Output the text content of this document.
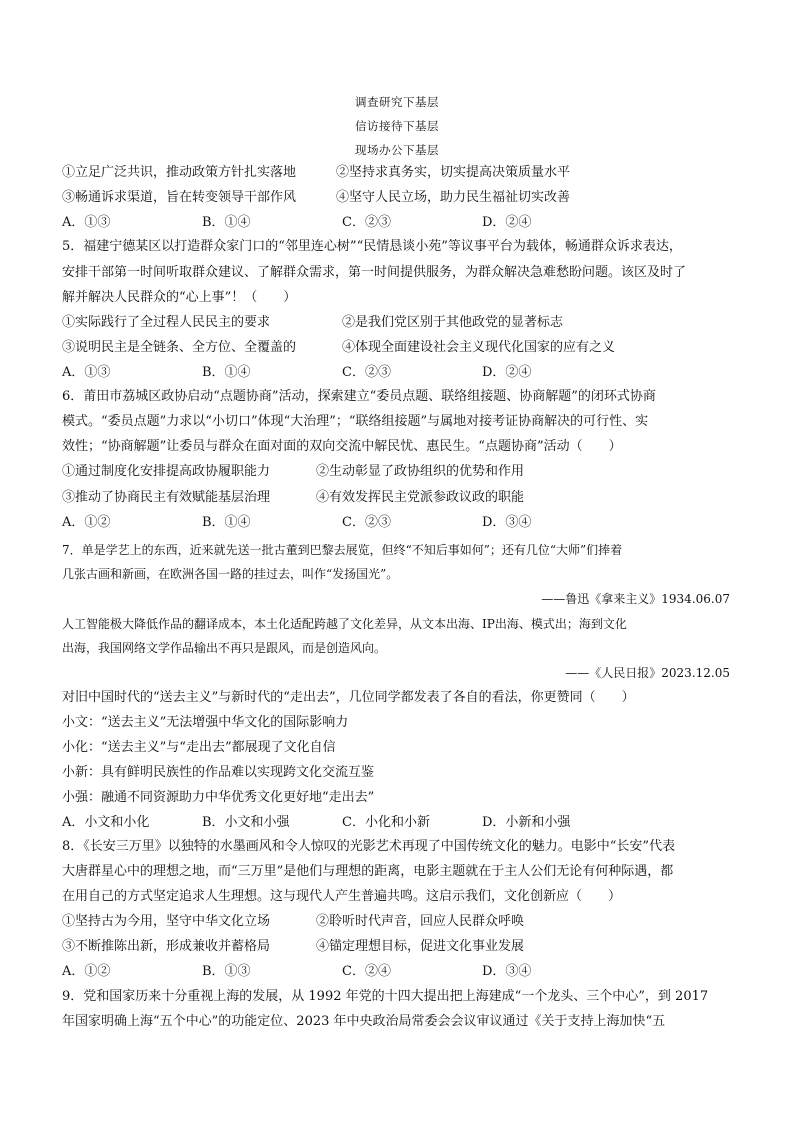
调查研究下基层
信访接待下基层
现场办公下基层
①立足广泛共识，推动政策方针扎实落地	②坚持求真务实，切实提高决策质量水平
③畅通诉求渠道，旨在转变领导干部作风	④坚守人民立场，助力民生福祉切实改善
A．①③	B．①④	C．②③	D．②④
5．福建宁德某区以打造群众家门口的“邻里连心树”“民情恳谈小苑”等议事平台为载体，畅通群众诉求表达，
安排干部第一时间听取群众建议、了解群众需求，第一时间提供服务，为群众解决急难愁盼问题。该区及时了
解并解决人民群众的“心上事”！（　　）
①实际践行了全过程人民民主的要求	②是我们党区别于其他政党的显著标志
③说明民主是全链条、全方位、全覆盖的	④体现全面建设社会主义现代化国家的应有之义
A．①③	B．①④	C．②③	D．②④
6．莆田市荔城区政协启动“点题协商”活动，探索建立“委员点题、联络组接题、协商解题”的闭环式协商
模式。“委员点题”力求以“小切口”体现“大治理”；“联络组接题”与属地对接考证协商解决的可行性、实
效性；“协商解题”让委员与群众在面对面的双向交流中解民忧、惠民生。“点题协商”活动（　　）
①通过制度化安排提高政协履职能力	②生动彰显了政协组织的优势和作用
③推动了协商民主有效赋能基层治理	④有效发挥民主党派参政议政的职能
A．①②	B．①④	C．②③	D．③④
7．单是学艺上的东西，近来就先送一批古董到巴黎去展览，但终“不知后事如何”；还有几位“大师”们捧着
几张古画和新画，在欧洲各国一路的挂过去，叫作“发扬国光”。
——鲁迅《拿来主义》1934.06.07
人工智能极大降低作品的翻译成本，本土化适配跨越了文化差异，从文本出海、IP出海、模式出；海到文化
出海，我国网络文学作品输出不再只是跟风，而是创造风向。
——《人民日报》2023.12.05
对旧中国时代的“送去主义”与新时代的“走出去”，几位同学都发表了各自的看法，你更赞同（　　）
小文：“送去主义”无法增强中华文化的国际影响力
小化：“送去主义”与“走出去”都展现了文化自信
小新：具有鲜明民族性的作品难以实现跨文化交流互鉴
小强：融通不同资源助力中华优秀文化更好地“走出去”
A．小文和小化	B．小文和小强	C．小化和小新	D．小新和小强
8．《长安三万里》以独特的水墨画风和令人惊叹的光影艺术再现了中国传统文化的魅力。电影中“长安”代表
大唐群星心中的理想之地，而“三万里”是他们与理想的距离，电影主题就在于主人公们无论有何种际遇，都
在用自己的方式坚定追求人生理想。这与现代人产生普遍共鸣。这启示我们，文化创新应（　　）
①坚持古为今用，坚守中华文化立场	②聆听时代声音，回应人民群众呼唤
③不断推陈出新，形成兼收并蓄格局	④锚定理想目标，促进文化事业发展
A．①②	B．①③	C．②④	D．③④
9．党和国家历来十分重视上海的发展，从 1992 年党的十四大提出把上海建成“一个龙头、三个中心”，到 2017
年国家明确上海“五个中心”的功能定位、2023 年中央政治局常委会会议审议通过《关于支持上海加快“五
